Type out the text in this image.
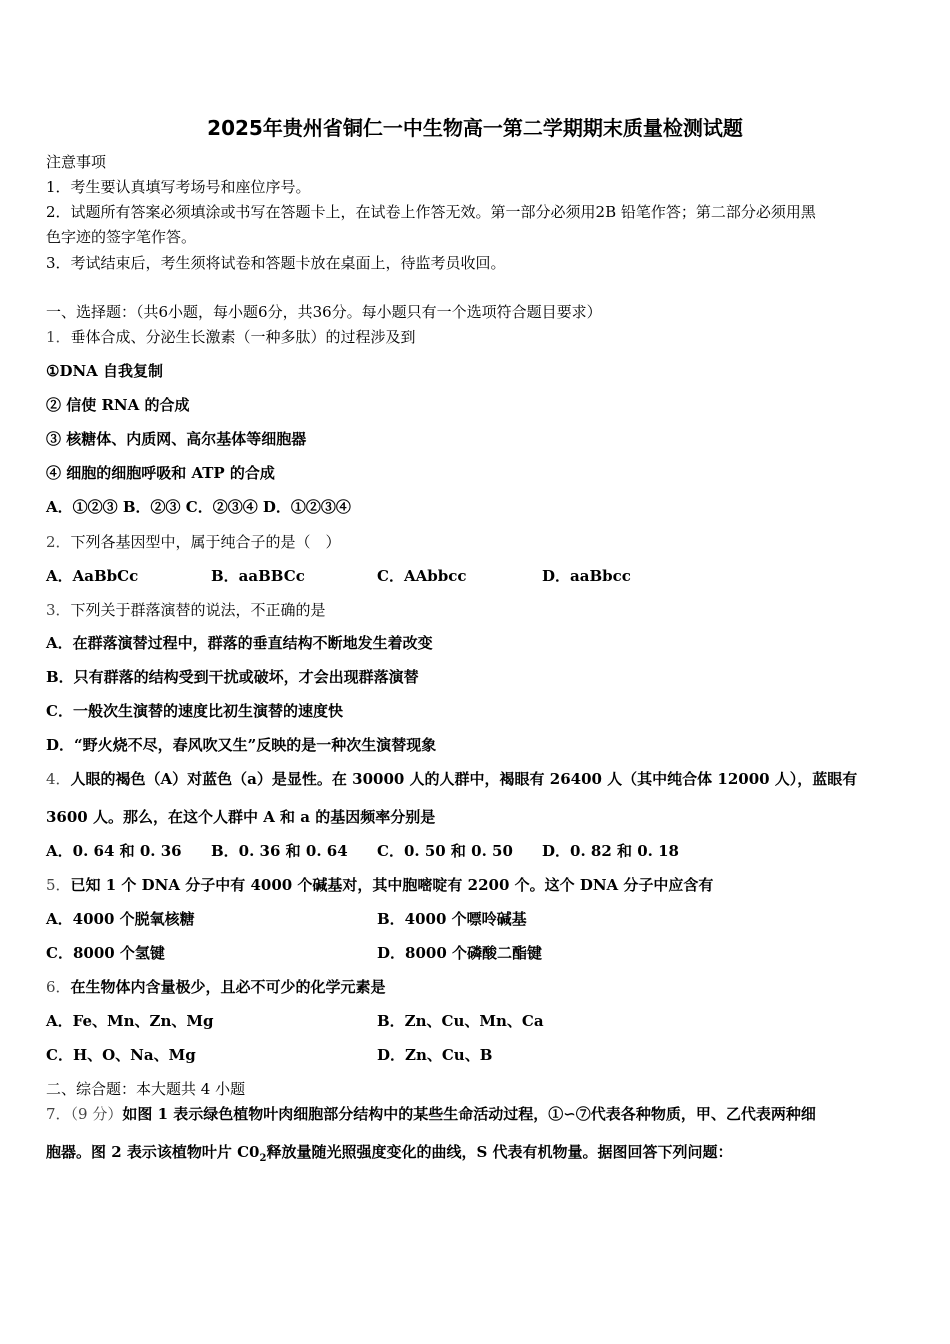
2025年贵州省铜仁一中生物高一第二学期期末质量检测试题
注意事项
1．考生要认真填写考场号和座位序号。
2．试题所有答案必须填涂或书写在答题卡上，在试卷上作答无效。第一部分必须用2B 铅笔作答；第二部分必须用黑
色字迹的签字笔作答。
3．考试结束后，考生须将试卷和答题卡放在桌面上，待监考员收回。
一、选择题：（共6小题，每小题6分，共36分。每小题只有一个选项符合题目要求）
1．垂体合成、分泌生长激素（一种多肽）的过程涉及到
①DNA 自我复制
② 信使 RNA 的合成
③ 核糖体、内质网、高尔基体等细胞器
④ 细胞的细胞呼吸和 ATP 的合成
A．①②③ B．②③ C．②③④ D．①②③④
2．下列各基因型中，属于纯合子的是（　）
A．AaBbCc	B．aaBBCc	C．AAbbcc	D．aaBbcc
3．下列关于群落演替的说法，不正确的是
A．在群落演替过程中，群落的垂直结构不断地发生着改变
B．只有群落的结构受到干扰或破坏，才会出现群落演替
C．一般次生演替的速度比初生演替的速度快
D．“野火烧不尽，春风吹又生”反映的是一种次生演替现象
4．人眼的褐色（A）对蓝色（a）是显性。在 30000 人的人群中，褐眼有 26400 人（其中纯合体 12000 人），蓝眼有
3600 人。那么，在这个人群中 A 和 a 的基因频率分别是
A．0. 64 和 0. 36 B．0. 36 和 0. 64 C．0. 50 和 0. 50 D．0. 82 和 0. 18
5．已知 1 个 DNA 分子中有 4000 个碱基对，其中胞嘧啶有 2200 个。这个 DNA 分子中应含有
A．4000 个脱氧核糖	B．4000 个嘌呤碱基
C．8000 个氢键	D．8000 个磷酸二酯键
6．在生物体内含量极少，且必不可少的化学元素是
A．Fe、Mn、Zn、Mg	B．Zn、Cu、Mn、Ca
C．H、O、Na、Mg	D．Zn、Cu、B
二、综合题：本大题共 4 小题
7．（9 分）如图 1 表示绿色植物叶肉细胞部分结构中的某些生命活动过程，①∽⑦代表各种物质，甲、乙代表两种细
胞器。图 2 表示该植物叶片 $C0_2$释放量随光照强度变化的曲线，S 代表有机物量。据图回答下列问题：
